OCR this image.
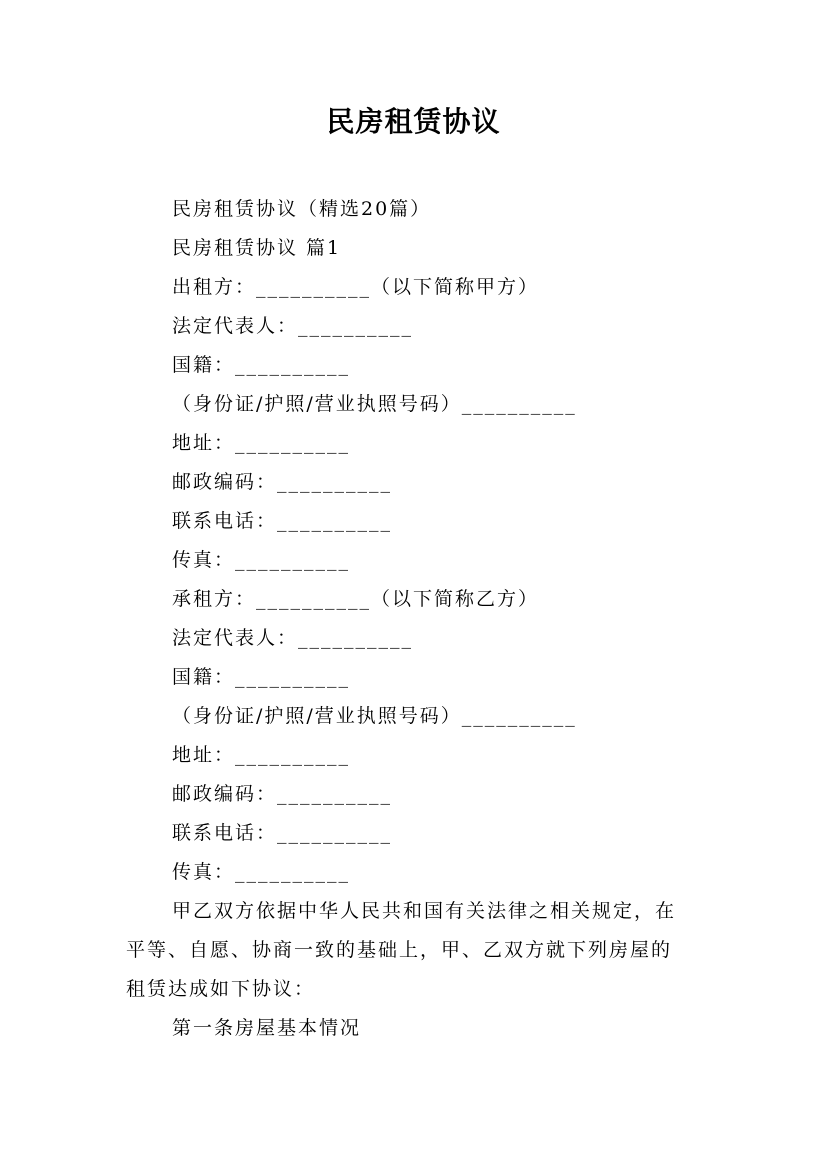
民房租赁协议
民房租赁协议（精选20篇）
民房租赁协议 篇1
出租方：__________（以下简称甲方）
法定代表人：__________
国籍：__________
（身份证/护照/营业执照号码）__________
地址：__________
邮政编码：__________
联系电话：__________
传真：__________
承租方：__________（以下简称乙方）
法定代表人：__________
国籍：__________
（身份证/护照/营业执照号码）__________
地址：__________
邮政编码：__________
联系电话：__________
传真：__________
甲乙双方依据中华人民共和国有关法律之相关规定，在
平等、自愿、协商一致的基础上，甲、乙双方就下列房屋的
租赁达成如下协议：
第一条房屋基本情况
